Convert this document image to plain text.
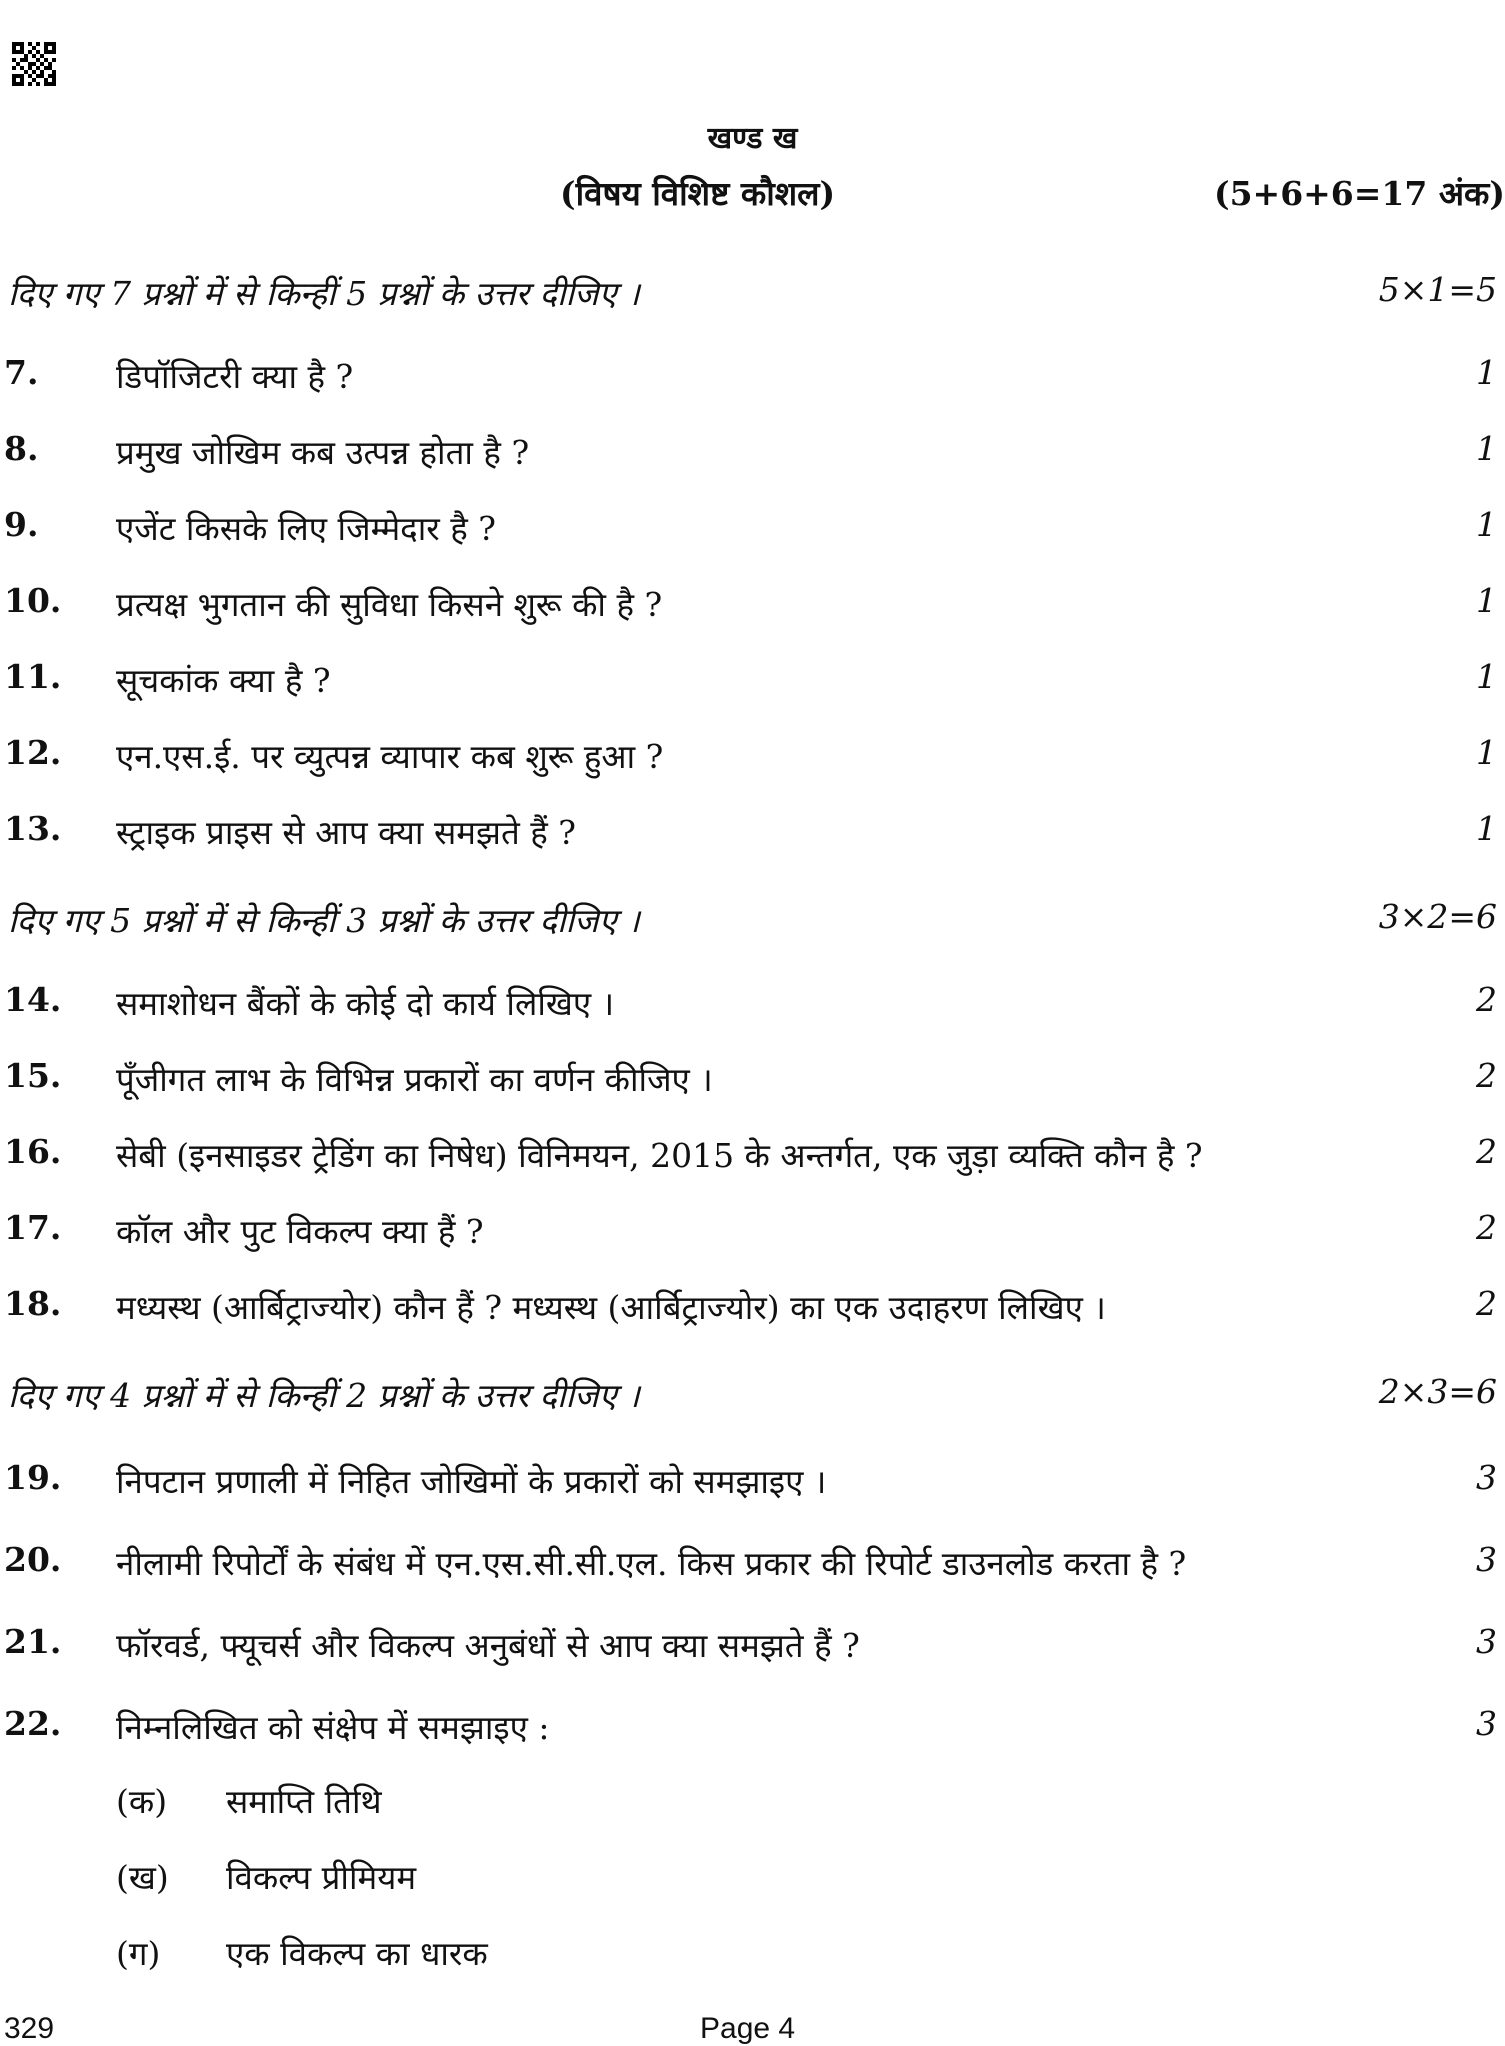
खण्ड ख
(विषय विशिष्ट कौशल)	(5+6+6=17 अंक)
दिए गए 7 प्रश्नों में से किन्हीं 5 प्रश्नों के उत्तर दीजिए ।	5×1=5
7. डिपॉजिटरी क्या है ?	1
8. प्रमुख जोखिम कब उत्पन्न होता है ?	1
9. एजेंट किसके लिए जिम्मेदार है ?	1
10. प्रत्यक्ष भुगतान की सुविधा किसने शुरू की है ?	1
11. सूचकांक क्या है ?	1
12. एन.एस.ई. पर व्युत्पन्न व्यापार कब शुरू हुआ ?	1
13. स्ट्राइक प्राइस से आप क्या समझते हैं ?	1
दिए गए 5 प्रश्नों में से किन्हीं 3 प्रश्नों के उत्तर दीजिए ।	3×2=6
14. समाशोधन बैंकों के कोई दो कार्य लिखिए ।	2
15. पूँजीगत लाभ के विभिन्न प्रकारों का वर्णन कीजिए ।	2
16. सेबी (इनसाइडर ट्रेडिंग का निषेध) विनिमयन, 2015 के अन्तर्गत, एक जुड़ा व्यक्ति कौन है ?	2
17. कॉल और पुट विकल्प क्या हैं ?	2
18. मध्यस्थ (आर्बिट्राज्योर) कौन हैं ? मध्यस्थ (आर्बिट्राज्योर) का एक उदाहरण लिखिए ।	2
दिए गए 4 प्रश्नों में से किन्हीं 2 प्रश्नों के उत्तर दीजिए ।	2×3=6
19. निपटान प्रणाली में निहित जोखिमों के प्रकारों को समझाइए ।	3
20. नीलामी रिपोर्टों के संबंध में एन.एस.सी.सी.एल. किस प्रकार की रिपोर्ट डाउनलोड करता है ?	3
21. फॉरवर्ड, फ्यूचर्स और विकल्प अनुबंधों से आप क्या समझते हैं ?	3
22. निम्नलिखित को संक्षेप में समझाइए :	3
(क) समाप्ति तिथि
(ख) विकल्प प्रीमियम
(ग) एक विकल्प का धारक
329	Page 4
